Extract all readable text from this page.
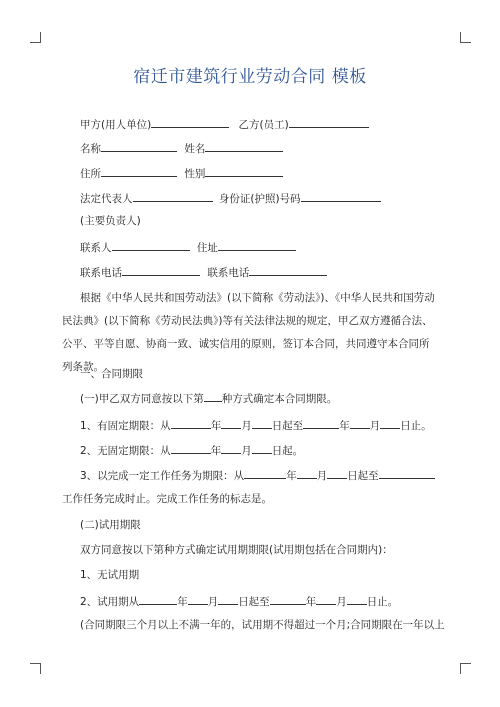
宿迁市建筑行业劳动合同 模板
甲方(用人单位)	乙方(员工)
名称	姓名
住所	性别
法定代表人	身份证(护照)号码
(主要负责人)
联系人	住址
联系电话	联系电话
根据《中华人民共和国劳动法》(以下简称《劳动法》)、《中华人民共和国劳动民法典》(以下简称《劳动民法典》)等有关法律法规的规定，甲乙双方遵循合法、公平、平等自愿、协商一致、诚实信用的原则，签订本合同，共同遵守本合同所列条款。
一、合同期限
(一)甲乙双方同意按以下第 种方式确定本合同期限。
1、有固定期限：从	年 月 日起至	年 月 日止。
2、无固定期限：从	年 月 日起。
3、以完成一定工作任务为期限：从	年 月 日起至
工作任务完成时止。完成工作任务的标志是。
(二)试用期限
双方同意按以下第种方式确定试用期期限(试用期包括在合同期内)：
1、无试用期
2、试用期从	年 月 日起至	年 月 日止。
(合同期限三个月以上不满一年的，试用期不得超过一个月;合同期限在一年以上
